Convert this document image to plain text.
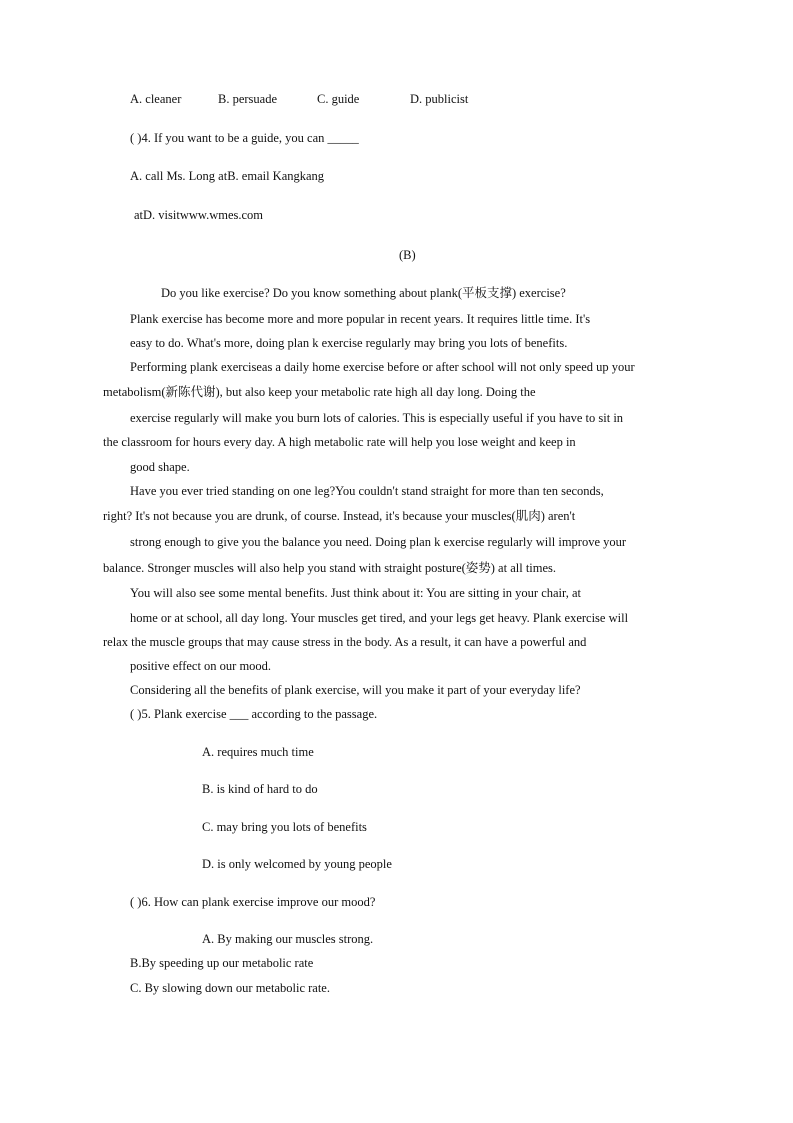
A. cleaner	B. persuade	C. guide	D. publicist
( )4. If you want to be a guide, you can _____
A. call Ms. Long atB. email Kangkang
atD. visitwww.wmes.com
(B)
Do you like exercise? Do you know something about plank(平板支撑) exercise?
Plank exercise has become more and more popular in recent years. It requires little time. It's
easy to do. What's more, doing plan k exercise regularly may bring you lots of benefits.
Performing plank exerciseas a daily home exercise before or after school will not only speed up your
metabolism(新陈代谢), but also keep your metabolic rate high all day long. Doing the
exercise regularly will make you burn lots of calories. This is especially useful if you have to sit in
the classroom for hours every day. A high metabolic rate will help you lose weight and keep in
good shape.
Have you ever tried standing on one leg?You couldn't stand straight for more than ten seconds,
right? It's not because you are drunk, of course. Instead, it's because your muscles(肌肉) aren't
strong enough to give you the balance you need. Doing plan k exercise regularly will improve your
balance. Stronger muscles will also help you stand with straight posture(姿势) at all times.
You will also see some mental benefits. Just think about it: You are sitting in your chair, at
home or at school, all day long. Your muscles get tired, and your legs get heavy. Plank exercise will
relax the muscle groups that may cause stress in the body. As a result, it can have a powerful and
positive effect on our mood.
Considering all the benefits of plank exercise, will you make it part of your everyday life?
( )5. Plank exercise ___ according to the passage.
A. requires much time
B. is kind of hard to do
C. may bring you lots of benefits
D. is only welcomed by young people
( )6. How can plank exercise improve our mood?
A. By making our muscles strong.
B.By speeding up our metabolic rate
C. By slowing down our metabolic rate.
